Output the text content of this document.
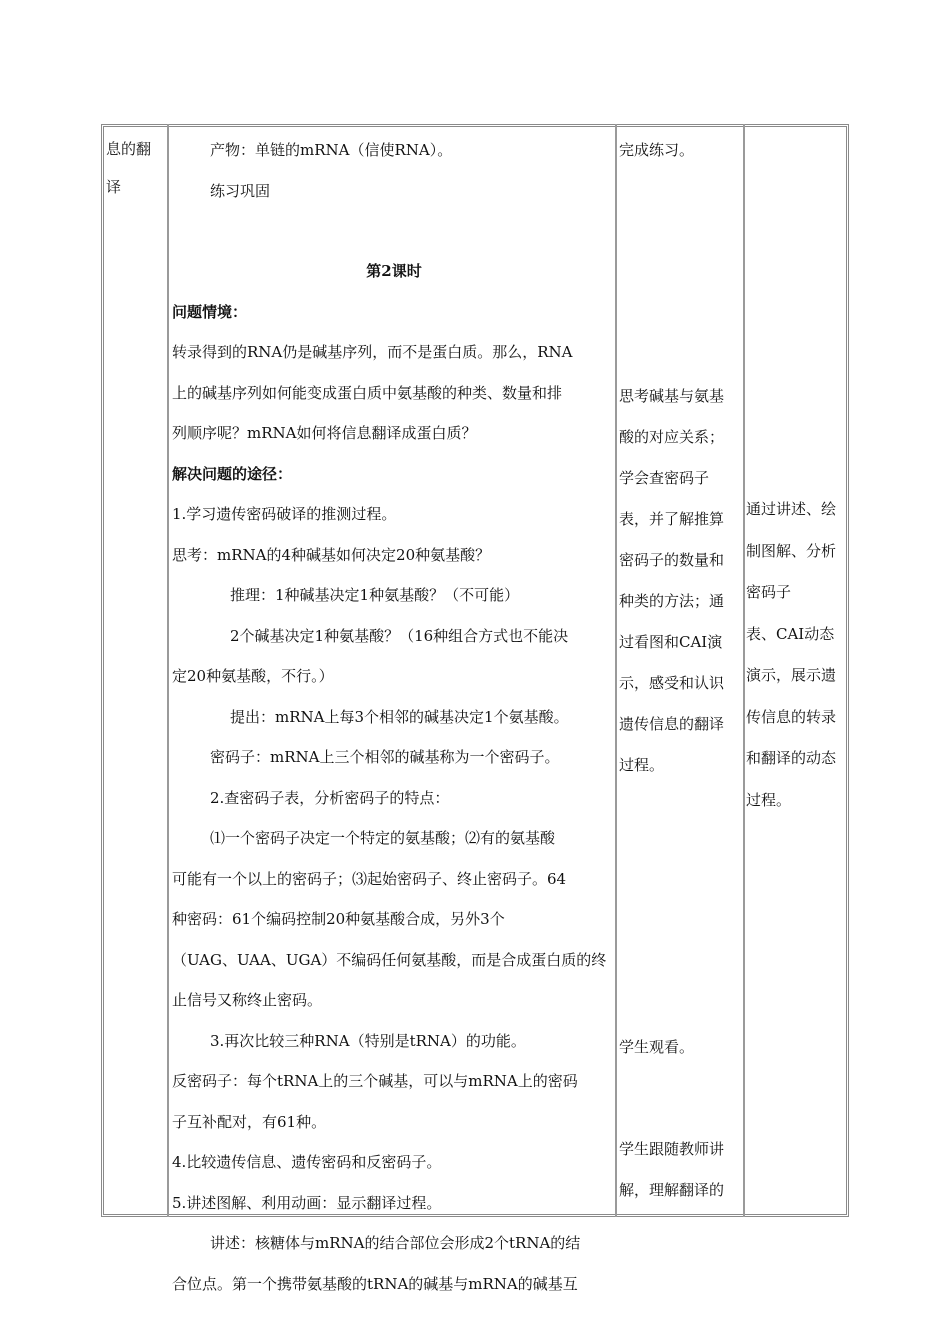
息的翻
译
产物：单链的mRNA（信使RNA）。
练习巩固
第2课时
问题情境：
转录得到的RNA仍是碱基序列，而不是蛋白质。那么，RNA
上的碱基序列如何能变成蛋白质中氨基酸的种类、数量和排
列顺序呢？mRNA如何将信息翻译成蛋白质？
解决问题的途径：
1.学习遗传密码破译的推测过程。
思考：mRNA的4种碱基如何决定20种氨基酸？
推理：1种碱基决定1种氨基酸？（不可能）
2个碱基决定1种氨基酸？（16种组合方式也不能决
定20种氨基酸，不行。）
提出：mRNA上每3个相邻的碱基决定1个氨基酸。
密码子：mRNA上三个相邻的碱基称为一个密码子。
2.查密码子表，分析密码子的特点：
⑴一个密码子决定一个特定的氨基酸；⑵有的氨基酸
可能有一个以上的密码子；⑶起始密码子、终止密码子。64
种密码：61个编码控制20种氨基酸合成，另外3个
（UAG、UAA、UGA）不编码任何氨基酸，而是合成蛋白质的终
止信号又称终止密码。
3.再次比较三种RNA（特别是tRNA）的功能。
反密码子：每个tRNA上的三个碱基，可以与mRNA上的密码
子互补配对，有61种。
4.比较遗传信息、遗传密码和反密码子。
5.讲述图解、利用动画：显示翻译过程。
讲述：核糖体与mRNA的结合部位会形成2个tRNA的结
合位点。第一个携带氨基酸的tRNA的碱基与mRNA的碱基互
完成练习。
思考碱基与氨基
酸的对应关系；
学会查密码子
表，并了解推算
密码子的数量和
种类的方法；通
过看图和CAI演
示，感受和认识
遗传信息的翻译
过程。
学生观看。
学生跟随教师讲
解，理解翻译的
通过讲述、绘
制图解、分析
密码子
表、CAI动态
演示，展示遗
传信息的转录
和翻译的动态
过程。
